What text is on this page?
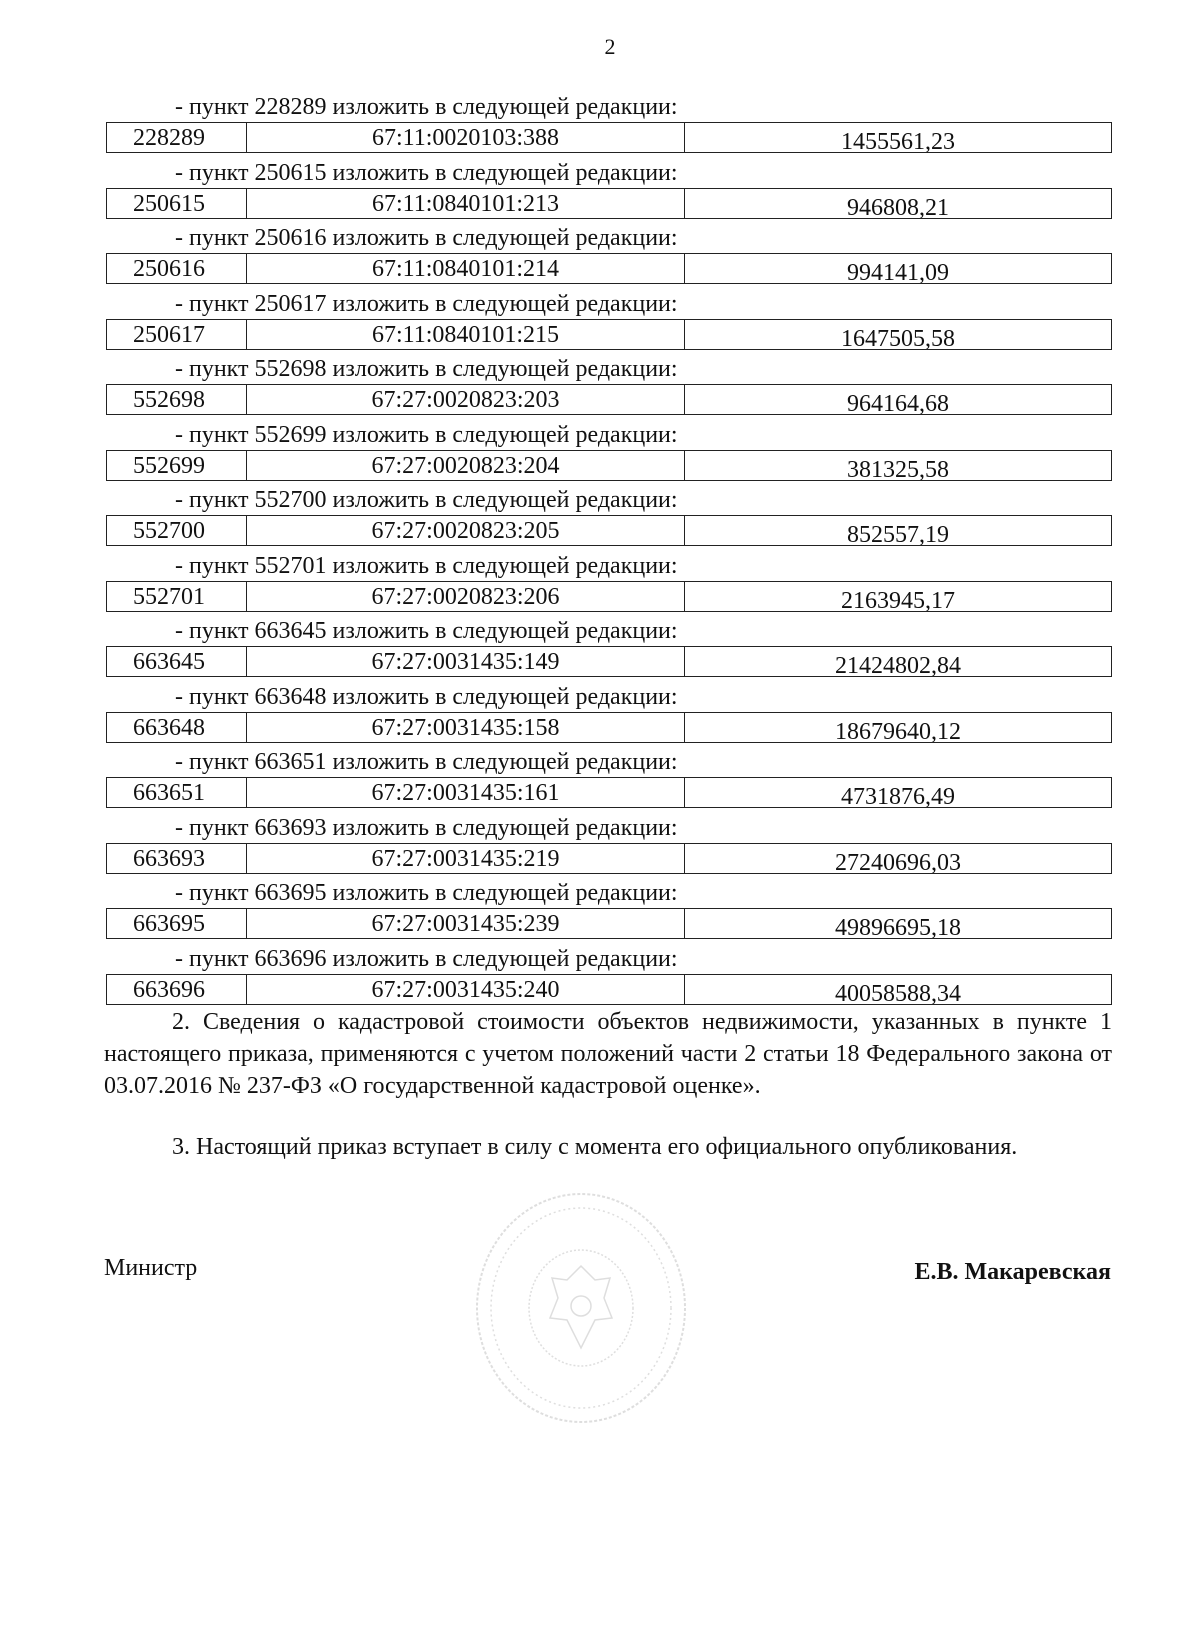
2
- пункт 228289 изложить в следующей редакции:
228289	67:11:0020103:388	1455561,23
- пункт 250615 изложить в следующей редакции:
250615	67:11:0840101:213	946808,21
- пункт 250616 изложить в следующей редакции:
250616	67:11:0840101:214	994141,09
- пункт 250617 изложить в следующей редакции:
250617	67:11:0840101:215	1647505,58
- пункт 552698 изложить в следующей редакции:
552698	67:27:0020823:203	964164,68
- пункт 552699 изложить в следующей редакции:
552699	67:27:0020823:204	381325,58
- пункт 552700 изложить в следующей редакции:
552700	67:27:0020823:205	852557,19
- пункт 552701 изложить в следующей редакции:
552701	67:27:0020823:206	2163945,17
- пункт 663645 изложить в следующей редакции:
663645	67:27:0031435:149	21424802,84
- пункт 663648 изложить в следующей редакции:
663648	67:27:0031435:158	18679640,12
- пункт 663651 изложить в следующей редакции:
663651	67:27:0031435:161	4731876,49
- пункт 663693 изложить в следующей редакции:
663693	67:27:0031435:219	27240696,03
- пункт 663695 изложить в следующей редакции:
663695	67:27:0031435:239	49896695,18
- пункт 663696 изложить в следующей редакции:
663696	67:27:0031435:240	40058588,34

2. Сведения о кадастровой стоимости объектов недвижимости, указанных в пункте 1 настоящего приказа, применяются с учетом положений части 2 статьи 18 Федерального закона от 03.07.2016 № 237-ФЗ «О государственной кадастровой оценке».

3. Настоящий приказ вступает в силу с момента его официального опубликования.

Министр	Е.В. Макаревская
